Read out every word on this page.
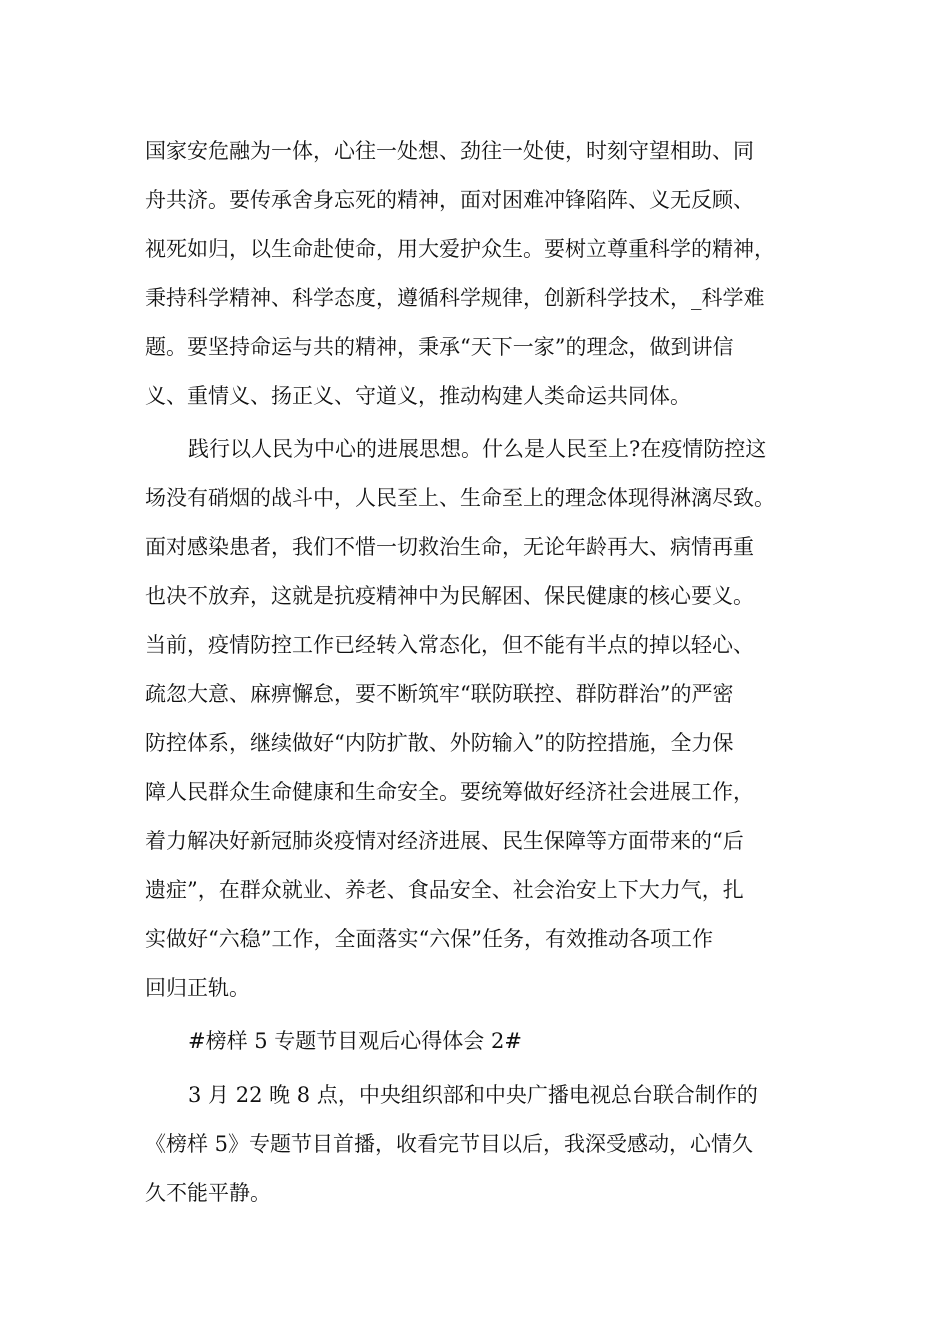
国家安危融为一体，心往一处想、劲往一处使，时刻守望相助、同
舟共济。要传承舍身忘死的精神，面对困难冲锋陷阵、义无反顾、
视死如归，以生命赴使命，用大爱护众生。要树立尊重科学的精神，
秉持科学精神、科学态度，遵循科学规律，创新科学技术，_科学难
题。要坚持命运与共的精神，秉承“天下一家”的理念，做到讲信
义、重情义、扬正义、守道义，推动构建人类命运共同体。
践行以人民为中心的进展思想。什么是人民至上?在疫情防控这
场没有硝烟的战斗中，人民至上、生命至上的理念体现得淋漓尽致。
面对感染患者，我们不惜一切救治生命，无论年龄再大、病情再重
也决不放弃，这就是抗疫精神中为民解困、保民健康的核心要义。
当前，疫情防控工作已经转入常态化，但不能有半点的掉以轻心、
疏忽大意、麻痹懈怠，要不断筑牢“联防联控、群防群治”的严密
防控体系，继续做好“内防扩散、外防输入”的防控措施，全力保
障人民群众生命健康和生命安全。要统筹做好经济社会进展工作，
着力解决好新冠肺炎疫情对经济进展、民生保障等方面带来的“后
遗症”，在群众就业、养老、食品安全、社会治安上下大力气，扎
实做好“六稳”工作，全面落实“六保”任务，有效推动各项工作
回归正轨。
#榜样 5 专题节目观后心得体会 2#
3 月 22 晚 8 点，中央组织部和中央广播电视总台联合制作的
《榜样 5》专题节目首播，收看完节目以后，我深受感动，心情久
久不能平静。
